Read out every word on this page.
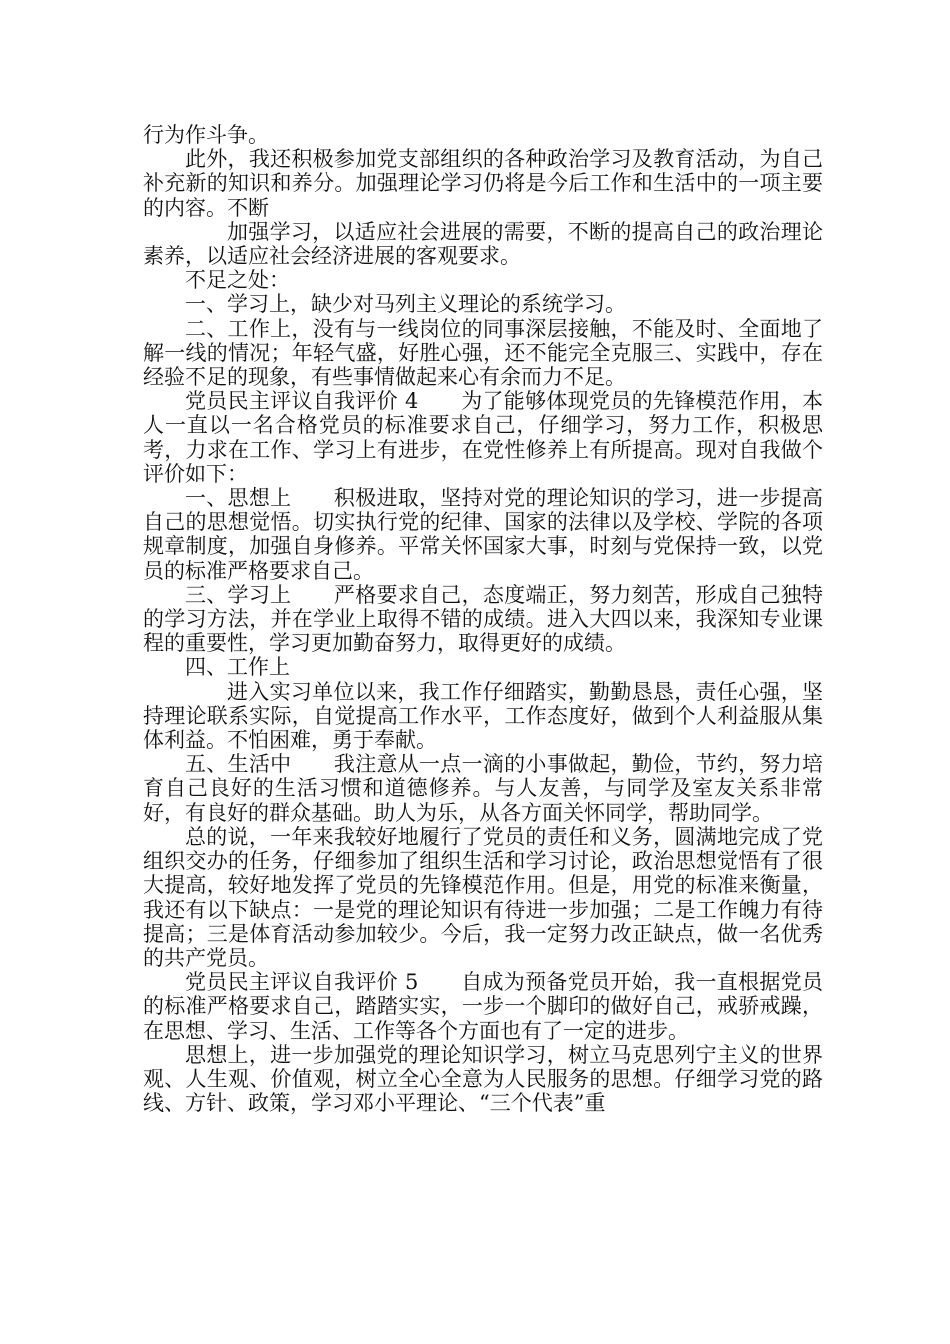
行为作斗争。

此外，我还积极参加党支部组织的各种政治学习及教育活动，为自己补充新的知识和养分。加强理论学习仍将是今后工作和生活中的一项主要的内容。不断

加强学习，以适应社会进展的需要，不断的提高自己的政治理论素养，以适应社会经济进展的客观要求。

不足之处：

一、学习上，缺少对马列主义理论的系统学习。

二、工作上，没有与一线岗位的同事深层接触，不能及时、全面地了解一线的情况；年轻气盛，好胜心强，还不能完全克服三、实践中，存在经验不足的现象，有些事情做起来心有余而力不足。

党员民主评议自我评价 4　　为了能够体现党员的先锋模范作用，本人一直以一名合格党员的标准要求自己，仔细学习，努力工作，积极思考，力求在工作、学习上有进步，在党性修养上有所提高。现对自我做个评价如下：

一、思想上　　积极进取，坚持对党的理论知识的学习，进一步提高自己的思想觉悟。切实执行党的纪律、国家的法律以及学校、学院的各项规章制度，加强自身修养。平常关怀国家大事，时刻与党保持一致，以党员的标准严格要求自己。

三、学习上　　严格要求自己，态度端正，努力刻苦，形成自己独特的学习方法，并在学业上取得不错的成绩。进入大四以来，我深知专业课程的重要性，学习更加勤奋努力，取得更好的成绩。

四、工作上

进入实习单位以来，我工作仔细踏实，勤勤恳恳，责任心强，坚持理论联系实际，自觉提高工作水平，工作态度好，做到个人利益服从集体利益。不怕困难，勇于奉献。

五、生活中　　我注意从一点一滴的小事做起，勤俭，节约，努力培育自己良好的生活习惯和道德修养。与人友善，与同学及室友关系非常好，有良好的群众基础。助人为乐，从各方面关怀同学，帮助同学。

总的说，一年来我较好地履行了党员的责任和义务，圆满地完成了党组织交办的任务，仔细参加了组织生活和学习讨论，政治思想觉悟有了很大提高，较好地发挥了党员的先锋模范作用。但是，用党的标准来衡量，我还有以下缺点：一是党的理论知识有待进一步加强；二是工作魄力有待提高；三是体育活动参加较少。今后，我一定努力改正缺点，做一名优秀的共产党员。

党员民主评议自我评价 5　　自成为预备党员开始，我一直根据党员的标准严格要求自己，踏踏实实，一步一个脚印的做好自己，戒骄戒躁，在思想、学习、生活、工作等各个方面也有了一定的进步。

思想上，进一步加强党的理论知识学习，树立马克思列宁主义的世界观、人生观、价值观，树立全心全意为人民服务的思想。仔细学习党的路线、方针、政策，学习邓小平理论、“三个代表”重
